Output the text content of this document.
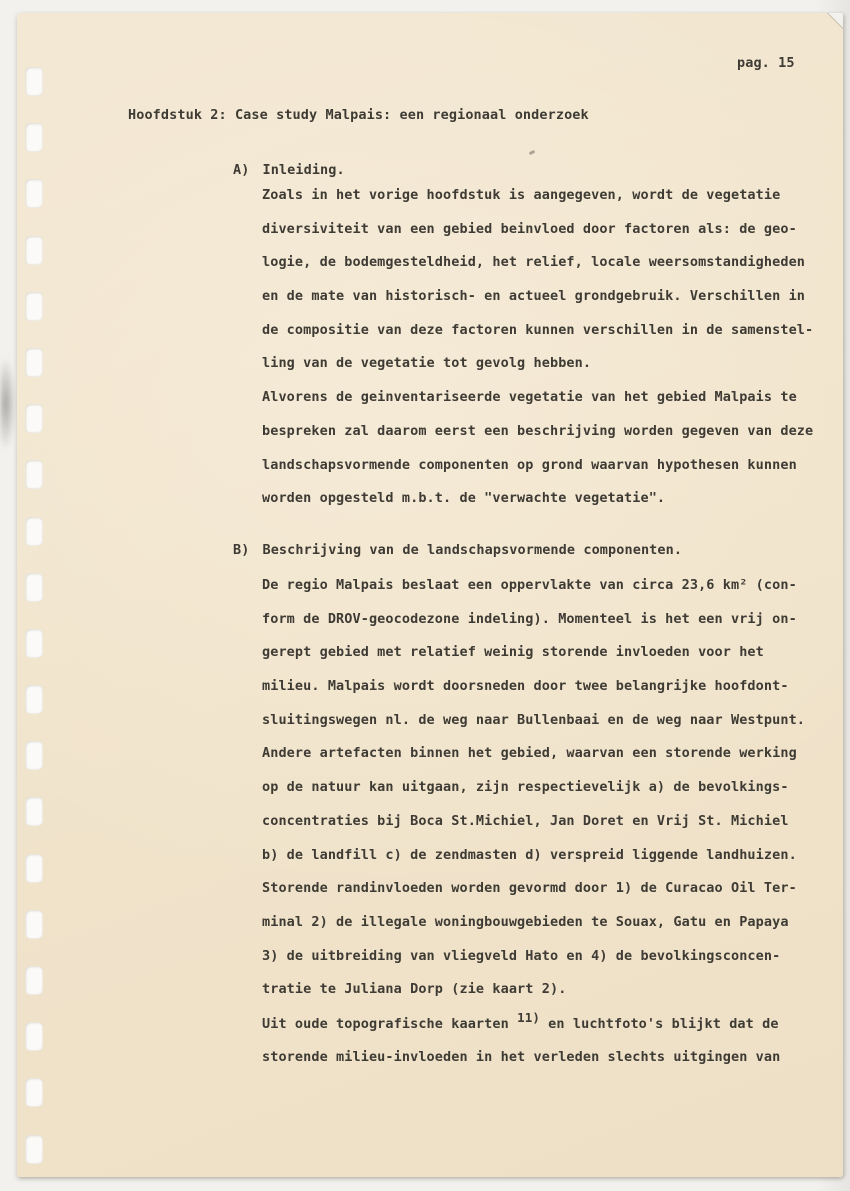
pag. 15
Hoofdstuk 2: Case study Malpais: een regionaal onderzoek
A) Inleiding.
Zoals in het vorige hoofdstuk is aangegeven, wordt de vegetatie
diversiviteit van een gebied beinvloed door factoren als: de geo-
logie, de bodemgesteldheid, het relief, locale weersomstandigheden
en de mate van historisch- en actueel grondgebruik. Verschillen in
de compositie van deze factoren kunnen verschillen in de samenstel-
ling van de vegetatie tot gevolg hebben.
Alvorens de geinventariseerde vegetatie van het gebied Malpais te
bespreken zal daarom eerst een beschrijving worden gegeven van deze
landschapsvormende componenten op grond waarvan hypothesen kunnen
worden opgesteld m.b.t. de "verwachte vegetatie".
B) Beschrijving van de landschapsvormende componenten.
De regio Malpais beslaat een oppervlakte van circa 23,6 km² (con-
form de DROV-geocodezone indeling). Momenteel is het een vrij on-
gerept gebied met relatief weinig storende invloeden voor het
milieu. Malpais wordt doorsneden door twee belangrijke hoofdont-
sluitingswegen nl. de weg naar Bullenbaai en de weg naar Westpunt.
Andere artefacten binnen het gebied, waarvan een storende werking
op de natuur kan uitgaan, zijn respectievelijk a) de bevolkings-
concentraties bij Boca St.Michiel, Jan Doret en Vrij St. Michiel
b) de landfill c) de zendmasten d) verspreid liggende landhuizen.
Storende randinvloeden worden gevormd door 1) de Curacao Oil Ter-
minal 2) de illegale woningbouwgebieden te Souax, Gatu en Papaya
3) de uitbreiding van vliegveld Hato en 4) de bevolkingsconcen-
tratie te Juliana Dorp (zie kaart 2).
Uit oude topografische kaarten 11) en luchtfoto's blijkt dat de
storende milieu-invloeden in het verleden slechts uitgingen van
